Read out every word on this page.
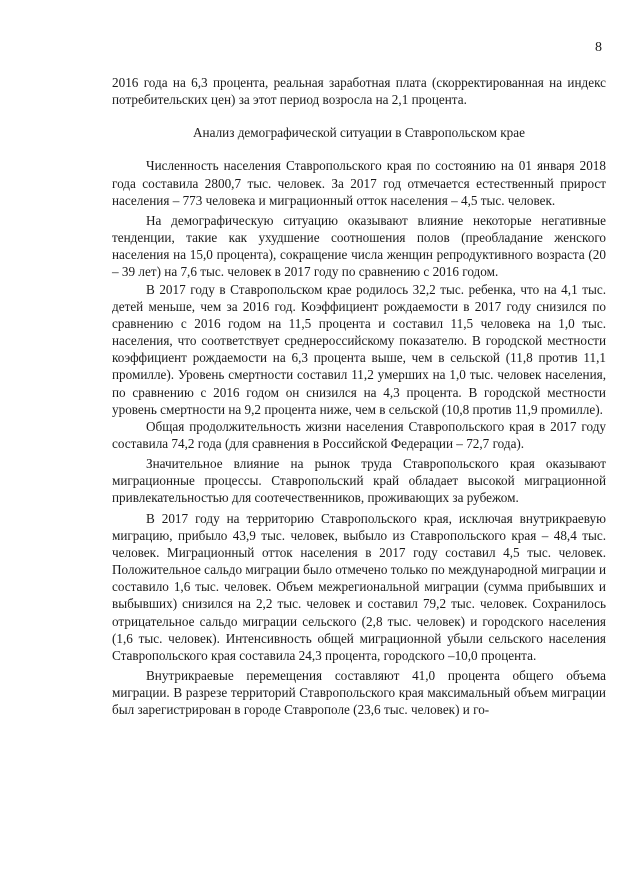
8

2016 года на 6,3 процента, реальная заработная плата (скорректированная на индекс потребительских цен) за этот период возросла на 2,1 процента.

Анализ демографической ситуации в Ставропольском крае

Численность населения Ставропольского края по состоянию на 01 января 2018 года составила 2800,7 тыс. человек. За 2017 год отмечается естественный прирост населения – 773 человека и миграционный отток населения – 4,5 тыс. человек.

На демографическую ситуацию оказывают влияние некоторые негативные тенденции, такие как ухудшение соотношения полов (преобладание женского населения на 15,0 процента), сокращение числа женщин репродуктивного возраста (20 – 39 лет) на 7,6 тыс. человек в 2017 году по сравнению с 2016 годом.

В 2017 году в Ставропольском крае родилось 32,2 тыс. ребенка, что на 4,1 тыс. детей меньше, чем за 2016 год. Коэффициент рождаемости в 2017 году снизился по сравнению с 2016 годом на 11,5 процента и составил 11,5 человека на 1,0 тыс. населения, что соответствует среднероссийскому показателю. В городской местности коэффициент рождаемости на 6,3 процента выше, чем в сельской (11,8 против 11,1 промилле). Уровень смертности составил 11,2 умерших на 1,0 тыс. человек населения, по сравнению с 2016 годом он снизился на 4,3 процента. В городской местности уровень смертности на 9,2 процента ниже, чем в сельской (10,8 против 11,9 промилле).

Общая продолжительность жизни населения Ставропольского края в 2017 году составила 74,2 года (для сравнения в Российской Федерации – 72,7 года).

Значительное влияние на рынок труда Ставропольского края оказывают миграционные процессы. Ставропольский край обладает высокой миграционной привлекательностью для соотечественников, проживающих за рубежом.

В 2017 году на территорию Ставропольского края, исключая внутрикраевую миграцию, прибыло 43,9 тыс. человек, выбыло из Ставропольского края – 48,4 тыс. человек. Миграционный отток населения в 2017 году составил 4,5 тыс. человек. Положительное сальдо миграции было отмечено только по международной миграции и составило 1,6 тыс. человек. Объем межрегиональной миграции (сумма прибывших и выбывших) снизился на 2,2 тыс. человек и составил 79,2 тыс. человек. Сохранилось отрицательное сальдо миграции сельского (2,8 тыс. человек) и городского населения (1,6 тыс. человек). Интенсивность общей миграционной убыли сельского населения Ставропольского края составила 24,3 процента, городского –10,0 процента.

Внутрикраевые перемещения составляют 41,0 процента общего объема миграции. В разрезе территорий Ставропольского края максимальный объем миграции был зарегистрирован в городе Ставрополе (23,6 тыс. человек) и го-
